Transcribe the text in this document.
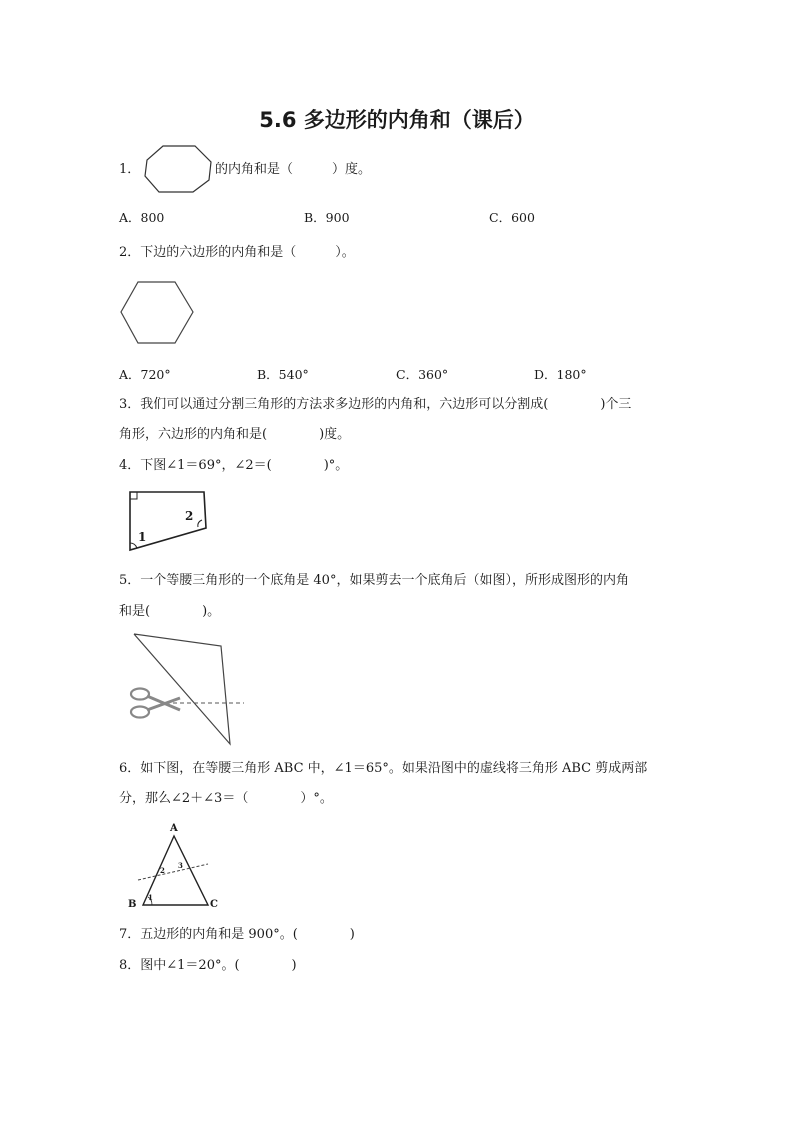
5.6 多边形的内角和（课后）
1．	的内角和是（　　　）度。
A．800	B．900	C．600
2．下边的六边形的内角和是（　　　）。
A．720°	B．540°	C．360°	D．180°
3．我们可以通过分割三角形的方法求多边形的内角和，六边形可以分割成(　　　　)个三
角形，六边形的内角和是(　　　　)度。
4．下图∠1＝69°，∠2＝(　　　　)°。
1
2
5．一个等腰三角形的一个底角是 40°，如果剪去一个底角后（如图），所形成图形的内角
和是(　　　　)。
6．如下图，在等腰三角形 ABC 中，∠1＝65°。如果沿图中的虚线将三角形 ABC 剪成两部
分，那么∠2＋∠3＝（　　　　）°。
A
B	C
1
2
3
7．五边形的内角和是 900°。(　　　　)
8．图中∠1＝20°。(　　　　)
